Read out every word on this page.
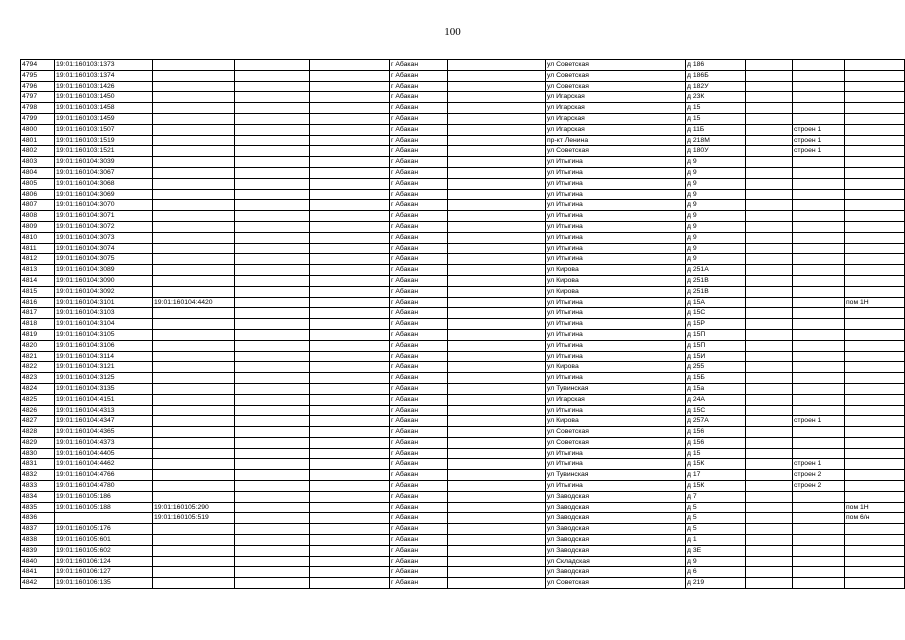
100
4794	19:01:160103:1373				г Абакан		ул Советская	д 186			
4795	19:01:160103:1374				г Абакан		ул Советская	д 186Б			
4796	19:01:160103:1426				г Абакан		ул Советская	д 182У			
4797	19:01:160103:1450				г Абакан		ул Игарская	д 23К			
4798	19:01:160103:1458				г Абакан		ул Игарская	д 15			
4799	19:01:160103:1459				г Абакан		ул Игарская	д 15			
4800	19:01:160103:1507				г Абакан		ул Игарская	д 11Б		строен 1	
4801	19:01:160103:1519				г Абакан		пр-кт Ленина	д 218М		строен 1	
4802	19:01:160103:1521				г Абакан		ул Советская	д 180У		строен 1	
4803	19:01:160104:3039				г Абакан		ул Итыгина	д 9			
4804	19:01:160104:3067				г Абакан		ул Итыгина	д 9			
4805	19:01:160104:3068				г Абакан		ул Итыгина	д 9			
4806	19:01:160104:3069				г Абакан		ул Итыгина	д 9			
4807	19:01:160104:3070				г Абакан		ул Итыгина	д 9			
4808	19:01:160104:3071				г Абакан		ул Итыгина	д 9			
4809	19:01:160104:3072				г Абакан		ул Итыгина	д 9			
4810	19:01:160104:3073				г Абакан		ул Итыгина	д 9			
4811	19:01:160104:3074				г Абакан		ул Итыгина	д 9			
4812	19:01:160104:3075				г Абакан		ул Итыгина	д 9			
4813	19:01:160104:3089				г Абакан		ул Кирова	д 251А			
4814	19:01:160104:3090				г Абакан		ул Кирова	д 251В			
4815	19:01:160104:3092				г Абакан		ул Кирова	д 251В			
4816	19:01:160104:3101	19:01:160104:4420			г Абакан		ул Итыгина	д 15А			пом 1Н
4817	19:01:160104:3103				г Абакан		ул Итыгина	д 15С			
4818	19:01:160104:3104				г Абакан		ул Итыгина	д 15Р			
4819	19:01:160104:3105				г Абакан		ул Итыгина	д 15П			
4820	19:01:160104:3106				г Абакан		ул Итыгина	д 15П			
4821	19:01:160104:3114				г Абакан		ул Итыгина	д 15И			
4822	19:01:160104:3121				г Абакан		ул Кирова	д 255			
4823	19:01:160104:3125				г Абакан		ул Итыгина	д 15Б			
4824	19:01:160104:3135				г Абакан		ул Тувинская	д 15а			
4825	19:01:160104:4151				г Абакан		ул Игарская	д 24А			
4826	19:01:160104:4313				г Абакан		ул Итыгина	д 15С			
4827	19:01:160104:4347				г Абакан		ул Кирова	д 257А		строен 1	
4828	19:01:160104:4365				г Абакан		ул Советская	д 156			
4829	19:01:160104:4373				г Абакан		ул Советская	д 156			
4830	19:01:160104:4405				г Абакан		ул Итыгина	д 15			
4831	19:01:160104:4462				г Абакан		ул Итыгина	д 15К		строен 1	
4832	19:01:160104:4766				г Абакан		ул Тувинская	д 17		строен 2	
4833	19:01:160104:4780				г Абакан		ул Итыгина	д 15К		строен 2	
4834	19:01:160105:186				г Абакан		ул Заводская	д 7			
4835	19:01:160105:188	19:01:160105:290			г Абакан		ул Заводская	д 5			пом 1Н
4836		19:01:160105:519			г Абакан		ул Заводская	д 5			пом 6/н
4837	19:01:160105:176				г Абакан		ул Заводская	д 5			
4838	19:01:160105:601				г Абакан		ул Заводская	д 1			
4839	19:01:160105:602				г Абакан		ул Заводская	д 3Е			
4840	19:01:160106:124				г Абакан		ул Складская	д 9			
4841	19:01:160106:127				г Абакан		ул Заводская	д 6			
4842	19:01:160106:135				г Абакан		ул Советская	д 219			
